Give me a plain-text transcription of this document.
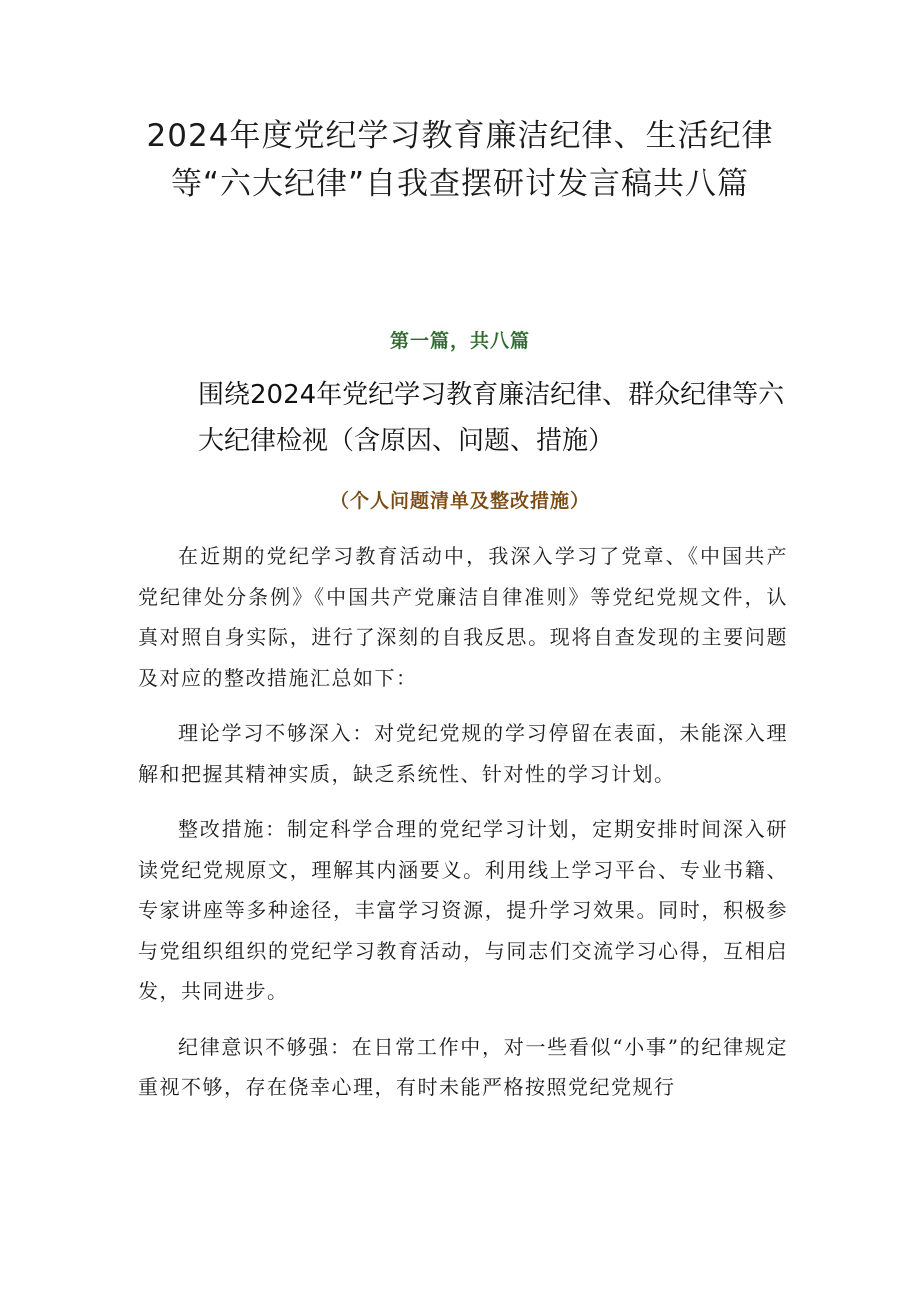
2024年度党纪学习教育廉洁纪律、生活纪律等“六大纪律”自我查摆研讨发言稿共八篇
第一篇，共八篇
围绕2024年党纪学习教育廉洁纪律、群众纪律等六大纪律检视（含原因、问题、措施）
（个人问题清单及整改措施）

在近期的党纪学习教育活动中，我深入学习了党章、《中国共产党纪律处分条例》《中国共产党廉洁自律准则》等党纪党规文件，认真对照自身实际，进行了深刻的自我反思。现将自查发现的主要问题及对应的整改措施汇总如下：

理论学习不够深入：对党纪党规的学习停留在表面，未能深入理解和把握其精神实质，缺乏系统性、针对性的学习计划。

整改措施：制定科学合理的党纪学习计划，定期安排时间深入研读党纪党规原文，理解其内涵要义。利用线上学习平台、专业书籍、专家讲座等多种途径，丰富学习资源，提升学习效果。同时，积极参与党组织组织的党纪学习教育活动，与同志们交流学习心得，互相启发，共同进步。

纪律意识不够强：在日常工作中，对一些看似“小事”的纪律规定重视不够，存在侥幸心理，有时未能严格按照党纪党规行
